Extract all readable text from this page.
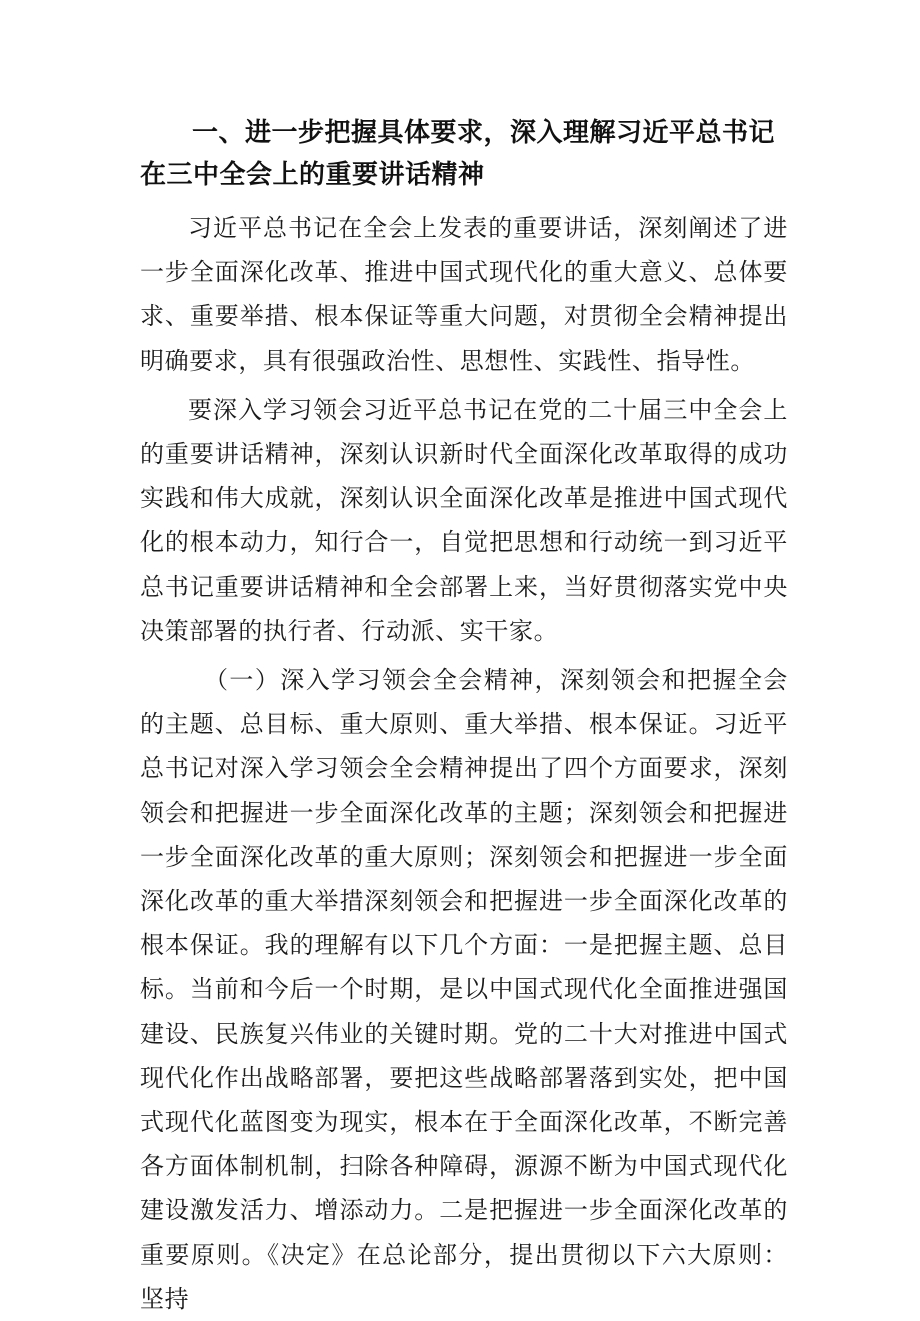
一、进一步把握具体要求，深入理解习近平总书记在三中全会上的重要讲话精神

习近平总书记在全会上发表的重要讲话，深刻阐述了进一步全面深化改革、推进中国式现代化的重大意义、总体要求、重要举措、根本保证等重大问题，对贯彻全会精神提出明确要求，具有很强政治性、思想性、实践性、指导性。

要深入学习领会习近平总书记在党的二十届三中全会上的重要讲话精神，深刻认识新时代全面深化改革取得的成功实践和伟大成就，深刻认识全面深化改革是推进中国式现代化的根本动力，知行合一，自觉把思想和行动统一到习近平总书记重要讲话精神和全会部署上来，当好贯彻落实党中央决策部署的执行者、行动派、实干家。

（一）深入学习领会全会精神，深刻领会和把握全会的主题、总目标、重大原则、重大举措、根本保证。习近平总书记对深入学习领会全会精神提出了四个方面要求，深刻领会和把握进一步全面深化改革的主题；深刻领会和把握进一步全面深化改革的重大原则；深刻领会和把握进一步全面深化改革的重大举措深刻领会和把握进一步全面深化改革的根本保证。我的理解有以下几个方面：一是把握主题、总目标。当前和今后一个时期，是以中国式现代化全面推进强国建设、民族复兴伟业的关键时期。党的二十大对推进中国式现代化作出战略部署，要把这些战略部署落到实处，把中国式现代化蓝图变为现实，根本在于全面深化改革，不断完善各方面体制机制，扫除各种障碍，源源不断为中国式现代化建设激发活力、增添动力。二是把握进一步全面深化改革的重要原则。《决定》在总论部分，提出贯彻以下六大原则：坚持
